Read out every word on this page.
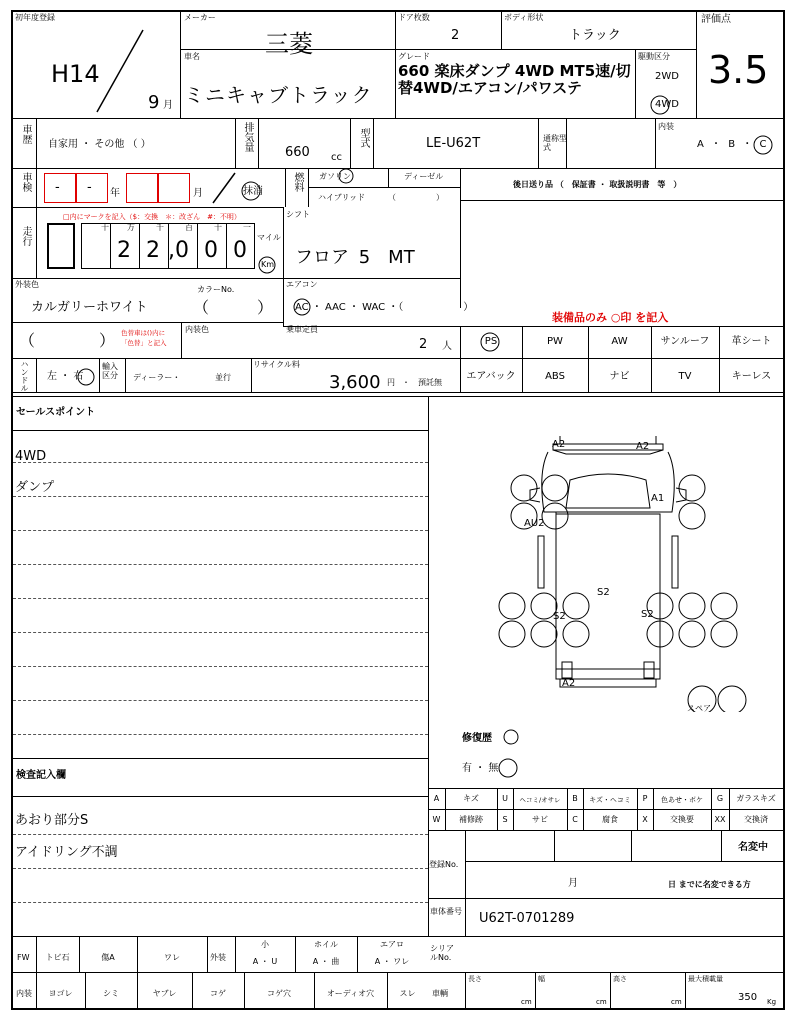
初年度登録
H14
9 月
メーカー
三菱
ドア枚数
2
ボディ形状
トラック
車名
ミニキャブトラック
グレード
660 楽床ダンプ 4WD MT5速/切替4WD/エアコン/パワステ
駆動区分
2WD
4WD
評価点
3.5
車歴
自家用 ・ その他 （ ）	排気量
660 cc
型式	LE-U62T	通称型式
内装
A ・ B ・ C
車検 - - 年	月	抹消	燃料 ガソリン	ディーゼル
ハイブリッド	（　　　　　）
後日送り品 （　保証書 ・ 取扱説明書　等　）
走行
□内にマークを記入（$：交換　＊：改ざん　#：不明）
十 万	千	百	十	一
2 2 , 0 0 0
マイル
Km
シフト
フロア 5　MT
外装色
カルガリーホワイト
カラーNo.
（　　　）
エアコン
AC ・ AAC ・ WAC ・（　　　　　　）
装備品のみ ○印 を記入
（　　　　） 色替車は()内に
「色替」と記入
内装色	乗車定員
2 人	PS	PW	AW	サンルーフ	革シート
ハンドル 左 ・ 右
輸入区分	ディーラー・	並行
リサイクル料
3,600 円 ・　預託無
エアバック	ABS	ナビ	TV	キーレス
セールスポイント
4WD
ダンプ
検査記入欄
あおり部分S
アイドリング不調
A2	A2
A1
AU2
S2
S2	S2
A2
スペア
修復歴
有 ・ 無
A	キズ	U	ヘコミ/オサレ	B	キズ・ヘコミ	P	色あせ・ボケ	G	ガラスキズ
W	補修跡	S	サビ	C	腐食	X	交換要	XX	交換済
登録No.
名変中
月	日 までに名変できる方
車体番号 U62T-0701289
FW	トビ石	傷A	ワレ	外装
小
A ・ U
ホイル
A ・ 曲
エアロ
A ・ ワレ
シリアルNo.
内装	ヨゴレ	シミ	ヤブレ	コゲ	コゲ穴	オーディオ穴	スレ	車輌
長さ
cm
幅
cm
高さ
cm
最大積載量
350 Kg
